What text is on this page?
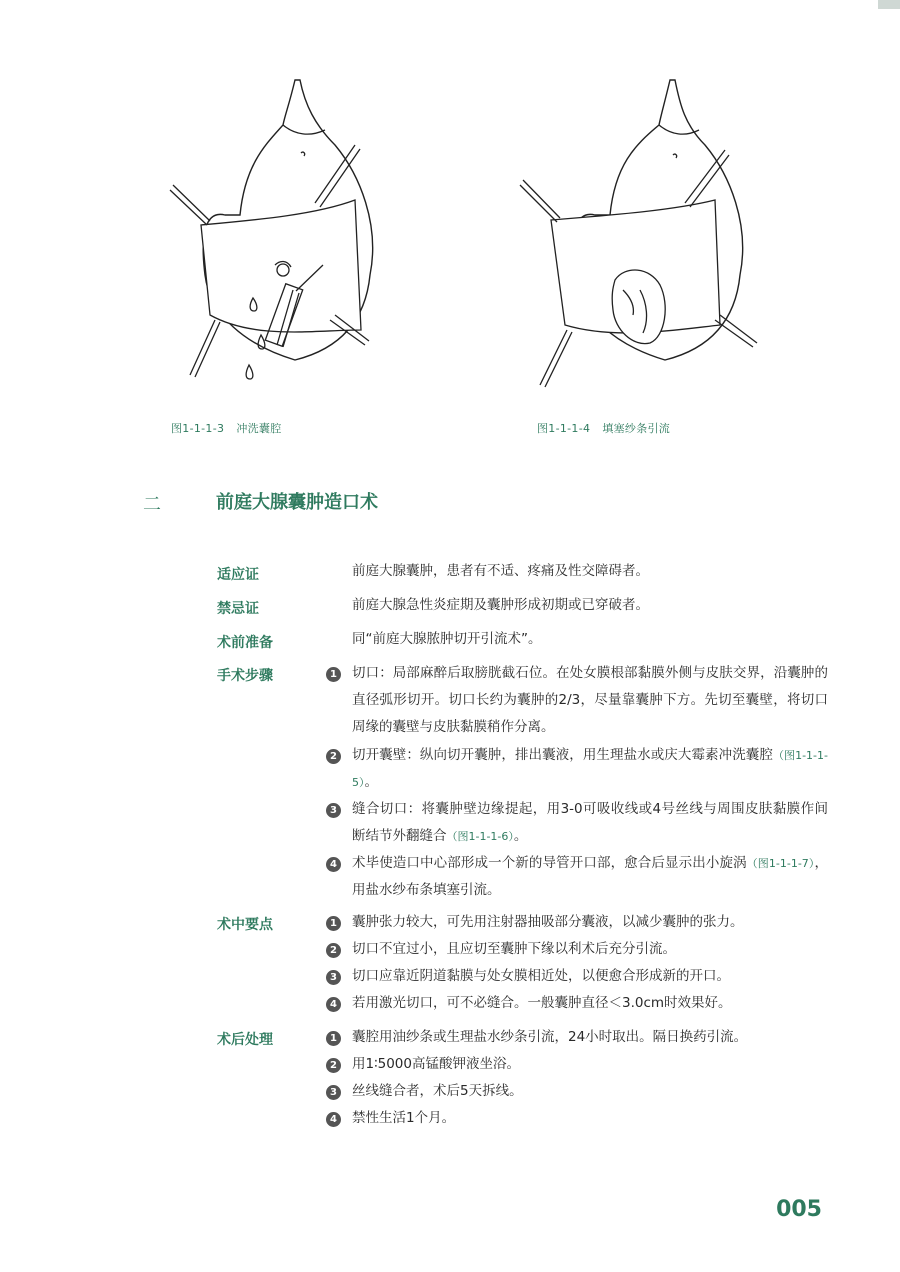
图1-1-1-3 冲洗囊腔	图1-1-1-4 填塞纱条引流
二	前庭大腺囊肿造口术
适应证	前庭大腺囊肿，患者有不适、疼痛及性交障碍者。
禁忌证	前庭大腺急性炎症期及囊肿形成初期或已穿破者。
术前准备	同“前庭大腺脓肿切开引流术”。
手术步骤	1 切口：局部麻醉后取膀胱截石位。在处女膜根部黏膜外侧与皮肤交界，沿囊肿的直径弧形切开。切口长约为囊肿的2/3，尽量靠囊肿下方。先切至囊壁，将切口周缘的囊壁与皮肤黏膜稍作分离。
2 切开囊壁：纵向切开囊肿，排出囊液，用生理盐水或庆大霉素冲洗囊腔（图1-1-1-5）。
3 缝合切口：将囊肿壁边缘提起，用3-0可吸收线或4号丝线与周围皮肤黏膜作间断结节外翻缝合（图1-1-1-6）。
4 术毕使造口中心部形成一个新的导管开口部，愈合后显示出小旋涡（图1-1-1-7），用盐水纱布条填塞引流。
术中要点	1 囊肿张力较大，可先用注射器抽吸部分囊液，以减少囊肿的张力。
2 切口不宜过小，且应切至囊肿下缘以利术后充分引流。
3 切口应靠近阴道黏膜与处女膜相近处，以便愈合形成新的开口。
4 若用激光切口，可不必缝合。一般囊肿直径＜3.0cm时效果好。
术后处理	1 囊腔用油纱条或生理盐水纱条引流，24小时取出。隔日换药引流。
2 用1∶5000高锰酸钾液坐浴。
3 丝线缝合者，术后5天拆线。
4 禁性生活1个月。
005
